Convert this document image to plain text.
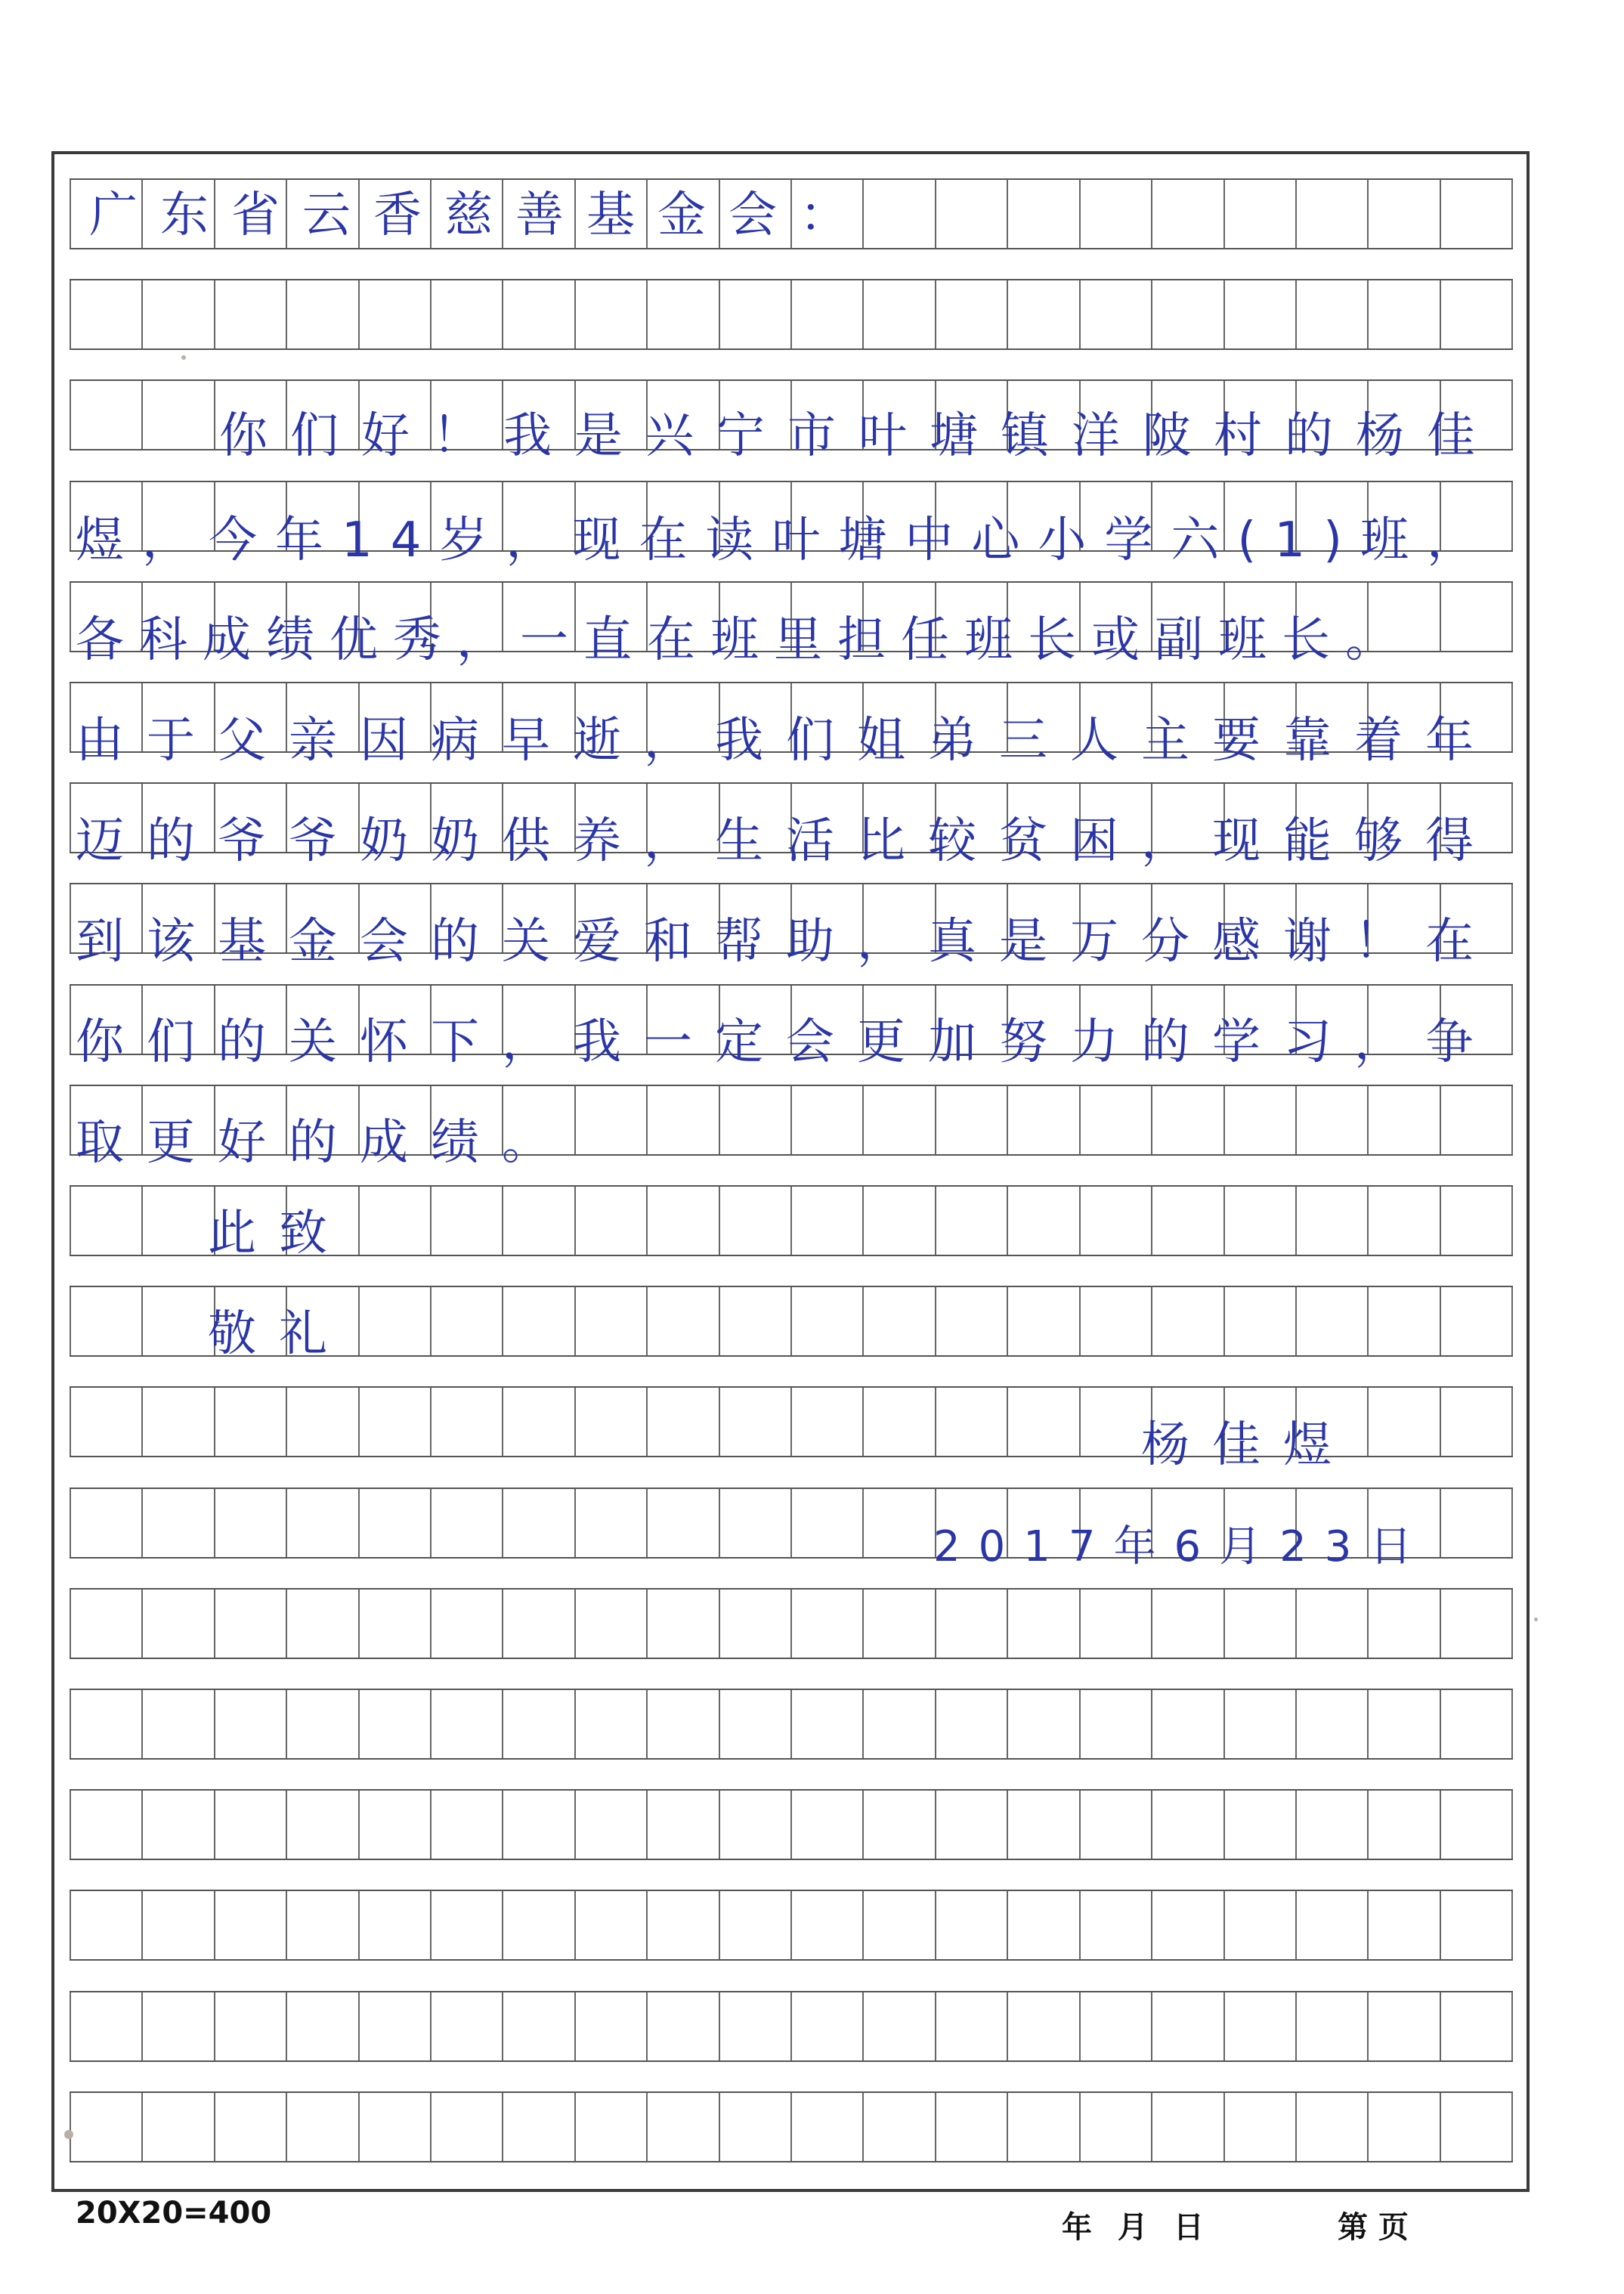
广东省云香慈善基金会：
你们好！我是兴宁市叶塘镇洋陂村的杨佳
煜，今年14岁，现在读叶塘中心小学六(1)班，
各科成绩优秀，一直在班里担任班长或副班长。
由于父亲因病早逝，我们姐弟三人主要靠着年
迈的爷爷奶奶供养，生活比较贫困，现能够得
到该基金会的关爱和帮助，真是万分感谢！在
你们的关怀下，我一定会更加努力的学习，争
取更好的成绩。
此致
敬礼
杨佳煜
2017年6月23日
20X20=400	年 月 日	第 页
